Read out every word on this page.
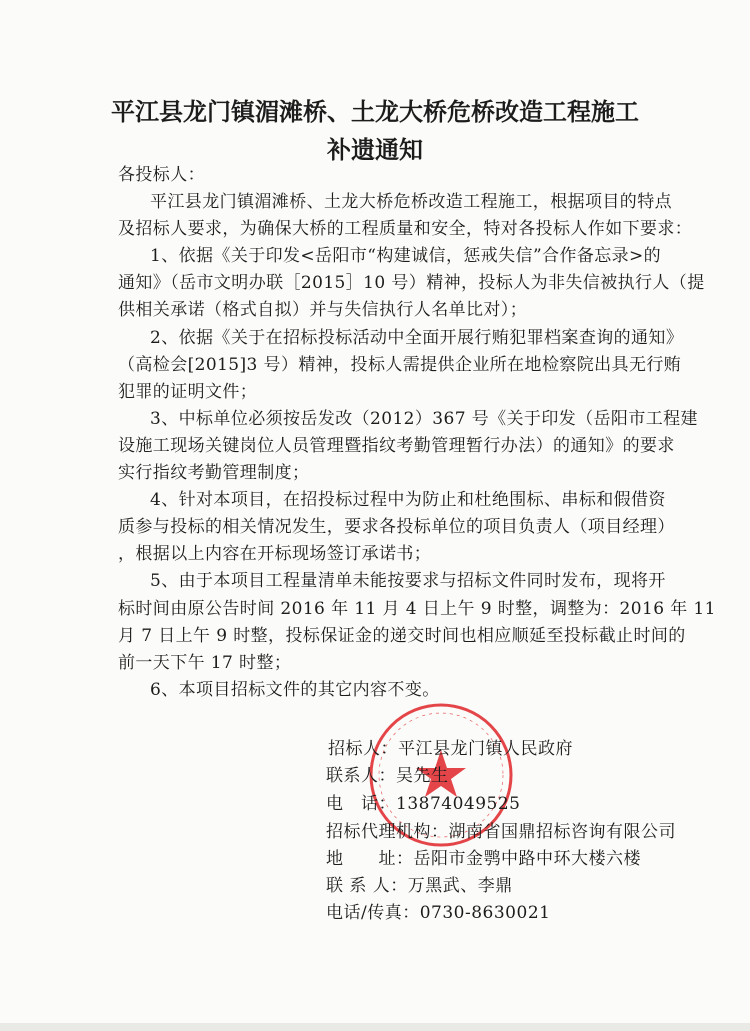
平江县龙门镇湄滩桥、土龙大桥危桥改造工程施工
补遗通知
各投标人：
平江县龙门镇湄滩桥、土龙大桥危桥改造工程施工，根据项目的特点
及招标人要求，为确保大桥的工程质量和安全，特对各投标人作如下要求：
1、依据《关于印发<岳阳市“构建诚信，惩戒失信”合作备忘录>的
通知》（岳市文明办联［2015］10 号）精神，投标人为非失信被执行人（提
供相关承诺（格式自拟）并与失信执行人名单比对）；
2、依据《关于在招标投标活动中全面开展行贿犯罪档案查询的通知》
（高检会[2015]3 号）精神，投标人需提供企业所在地检察院出具无行贿
犯罪的证明文件；
3、中标单位必须按岳发改（2012）367 号《关于印发（岳阳市工程建
设施工现场关键岗位人员管理暨指纹考勤管理暂行办法）的通知》的要求
实行指纹考勤管理制度；
4、针对本项目，在招投标过程中为防止和杜绝围标、串标和假借资
质参与投标的相关情况发生，要求各投标单位的项目负责人（项目经理）
，根据以上内容在开标现场签订承诺书；
5、由于本项目工程量清单未能按要求与招标文件同时发布，现将开
标时间由原公告时间 2016 年 11 月 4 日上午 9 时整，调整为：2016 年 11
月 7 日上午 9 时整，投标保证金的递交时间也相应顺延至投标截止时间的
前一天下午 17 时整；
6、本项目招标文件的其它内容不变。
招标人：平江县龙门镇人民政府
联系人：吴先生
电　话：13874049525
招标代理机构：湖南省国鼎招标咨询有限公司
地　　址：岳阳市金鹗中路中环大楼六楼
联 系 人：万黑武、李鼎
电话/传真：0730-8630021
